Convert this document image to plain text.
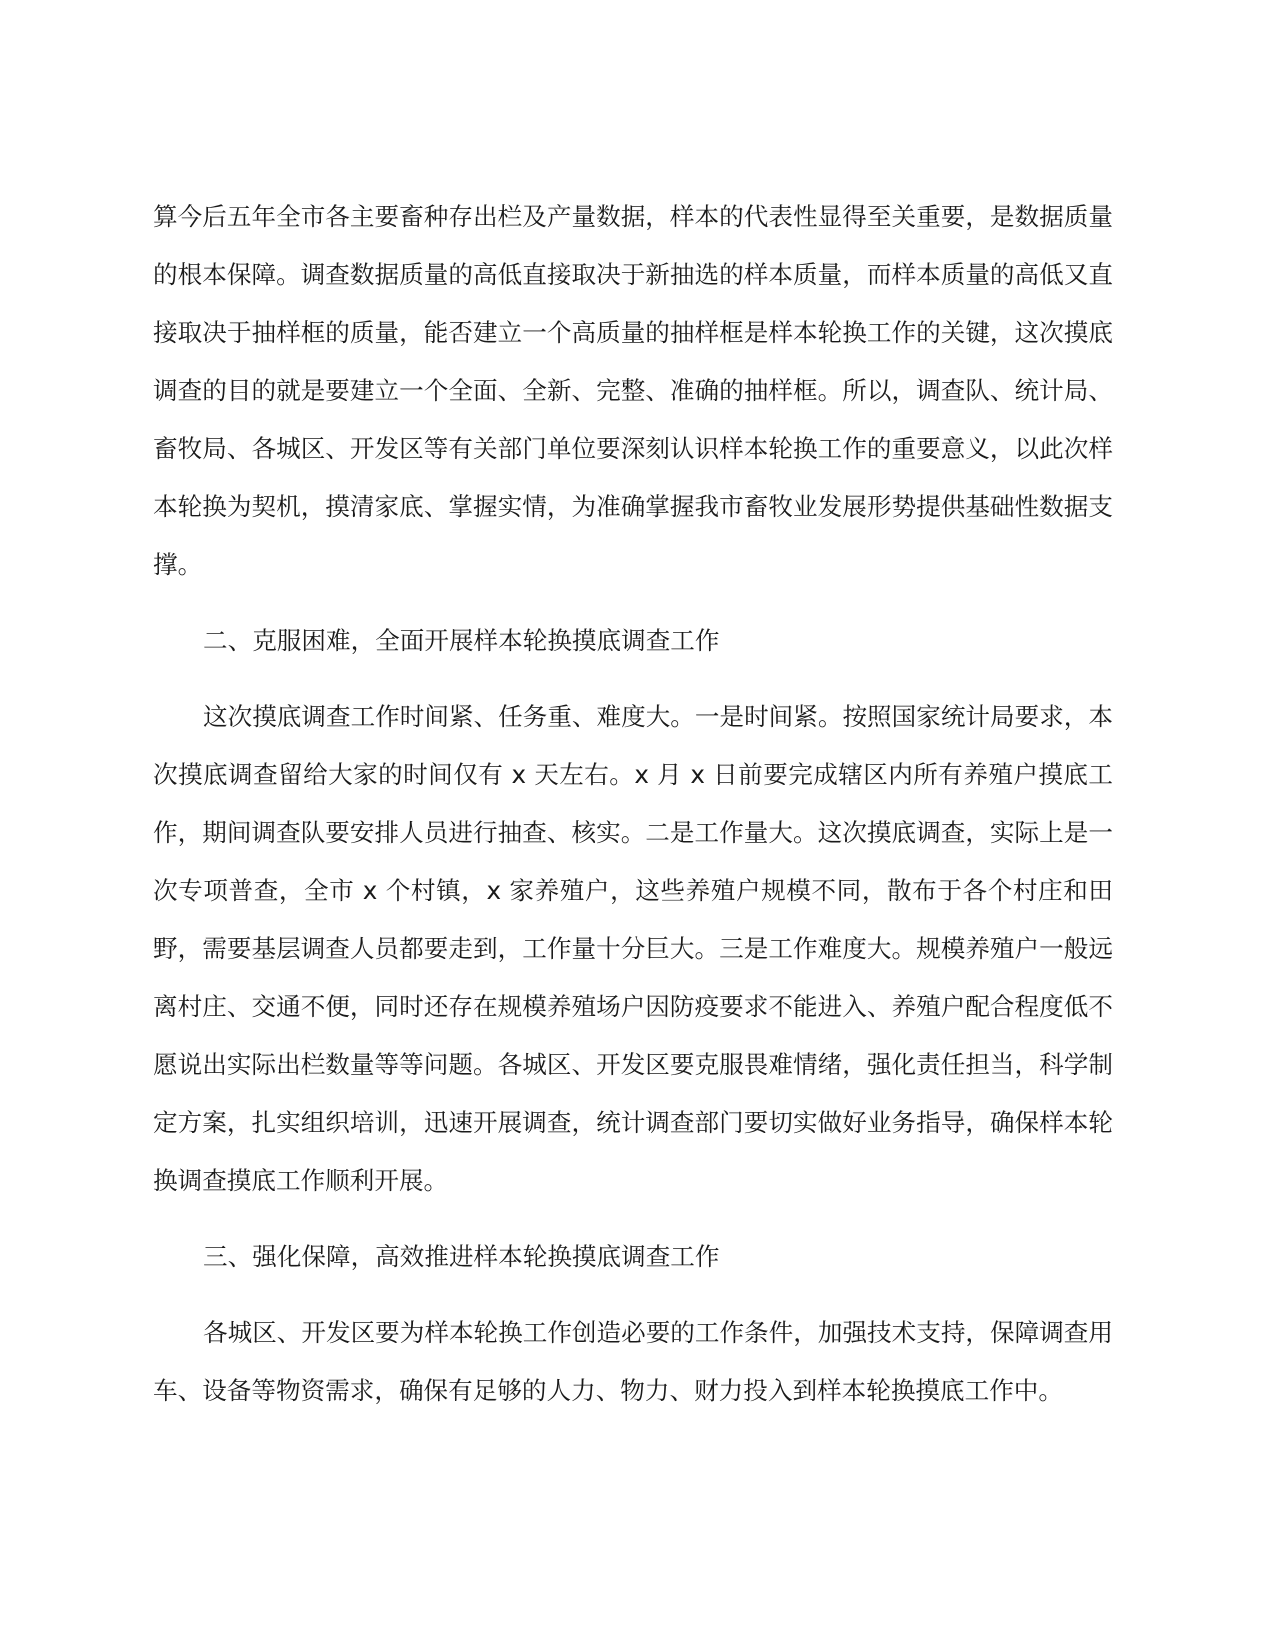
算今后五年全市各主要畜种存出栏及产量数据，样本的代表性显得至关重要，是数据质量的根本保障。调查数据质量的高低直接取决于新抽选的样本质量，而样本质量的高低又直接取决于抽样框的质量，能否建立一个高质量的抽样框是样本轮换工作的关键，这次摸底调查的目的就是要建立一个全面、全新、完整、准确的抽样框。所以，调查队、统计局、畜牧局、各城区、开发区等有关部门单位要深刻认识样本轮换工作的重要意义，以此次样本轮换为契机，摸清家底、掌握实情，为准确掌握我市畜牧业发展形势提供基础性数据支撑。

二、克服困难，全面开展样本轮换摸底调查工作

这次摸底调查工作时间紧、任务重、难度大。一是时间紧。按照国家统计局要求，本次摸底调查留给大家的时间仅有 x 天左右。x 月 x 日前要完成辖区内所有养殖户摸底工作，期间调查队要安排人员进行抽查、核实。二是工作量大。这次摸底调查，实际上是一次专项普查，全市 x 个村镇，x 家养殖户，这些养殖户规模不同，散布于各个村庄和田野，需要基层调查人员都要走到，工作量十分巨大。三是工作难度大。规模养殖户一般远离村庄、交通不便，同时还存在规模养殖场户因防疫要求不能进入、养殖户配合程度低不愿说出实际出栏数量等等问题。各城区、开发区要克服畏难情绪，强化责任担当，科学制定方案，扎实组织培训，迅速开展调查，统计调查部门要切实做好业务指导，确保样本轮换调查摸底工作顺利开展。

三、强化保障，高效推进样本轮换摸底调查工作

各城区、开发区要为样本轮换工作创造必要的工作条件，加强技术支持，保障调查用车、设备等物资需求，确保有足够的人力、物力、财力投入到样本轮换摸底工作中。
